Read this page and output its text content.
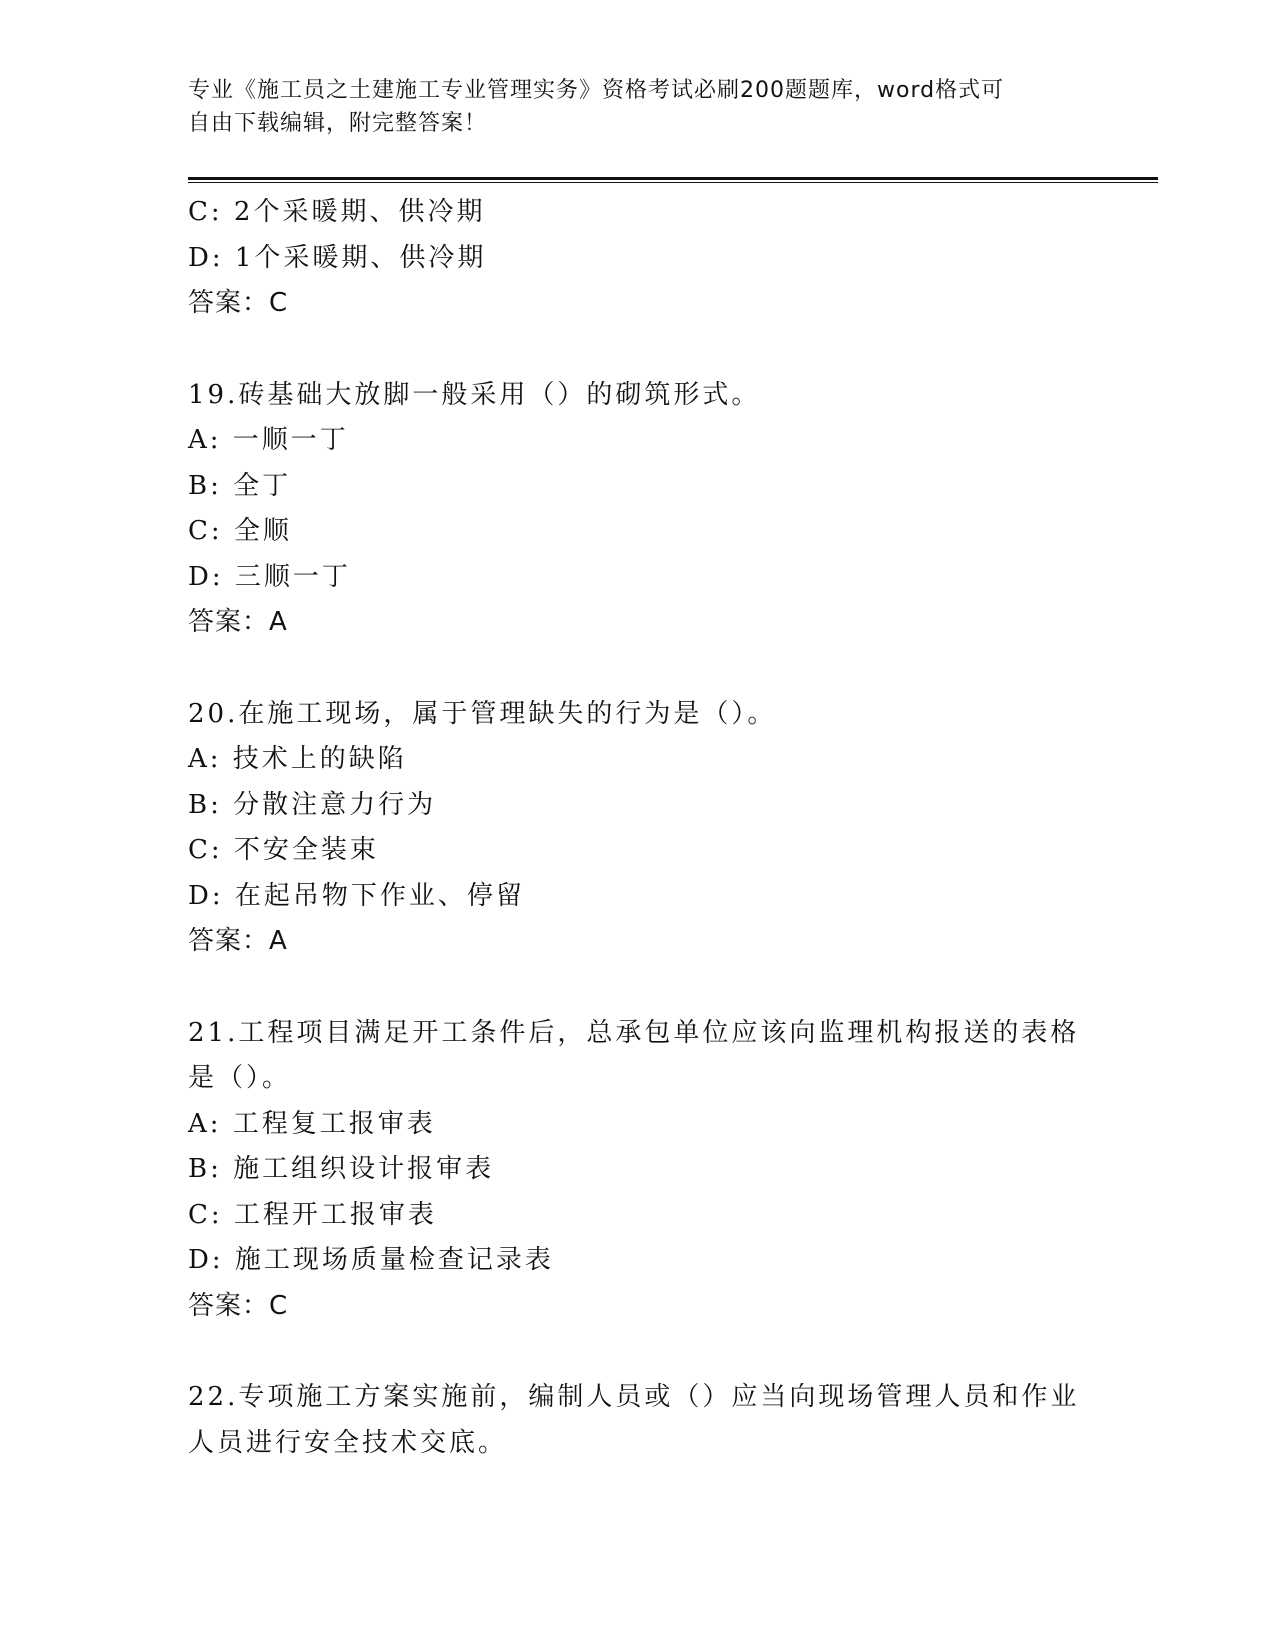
专业《施工员之土建施工专业管理实务》资格考试必刷200题题库，word格式可
自由下载编辑，附完整答案！
C: 2个采暖期、供冷期
D: 1个采暖期、供冷期
答案：C
19.砖基础大放脚一般采用（）的砌筑形式。
A: 一顺一丁
B: 全丁
C: 全顺
D: 三顺一丁
答案：A
20.在施工现场，属于管理缺失的行为是（）。
A: 技术上的缺陷
B: 分散注意力行为
C: 不安全装束
D: 在起吊物下作业、停留
答案：A
21.工程项目满足开工条件后，总承包单位应该向监理机构报送的表格
是（）。
A: 工程复工报审表
B: 施工组织设计报审表
C: 工程开工报审表
D: 施工现场质量检查记录表
答案：C
22.专项施工方案实施前，编制人员或（）应当向现场管理人员和作业
人员进行安全技术交底。
